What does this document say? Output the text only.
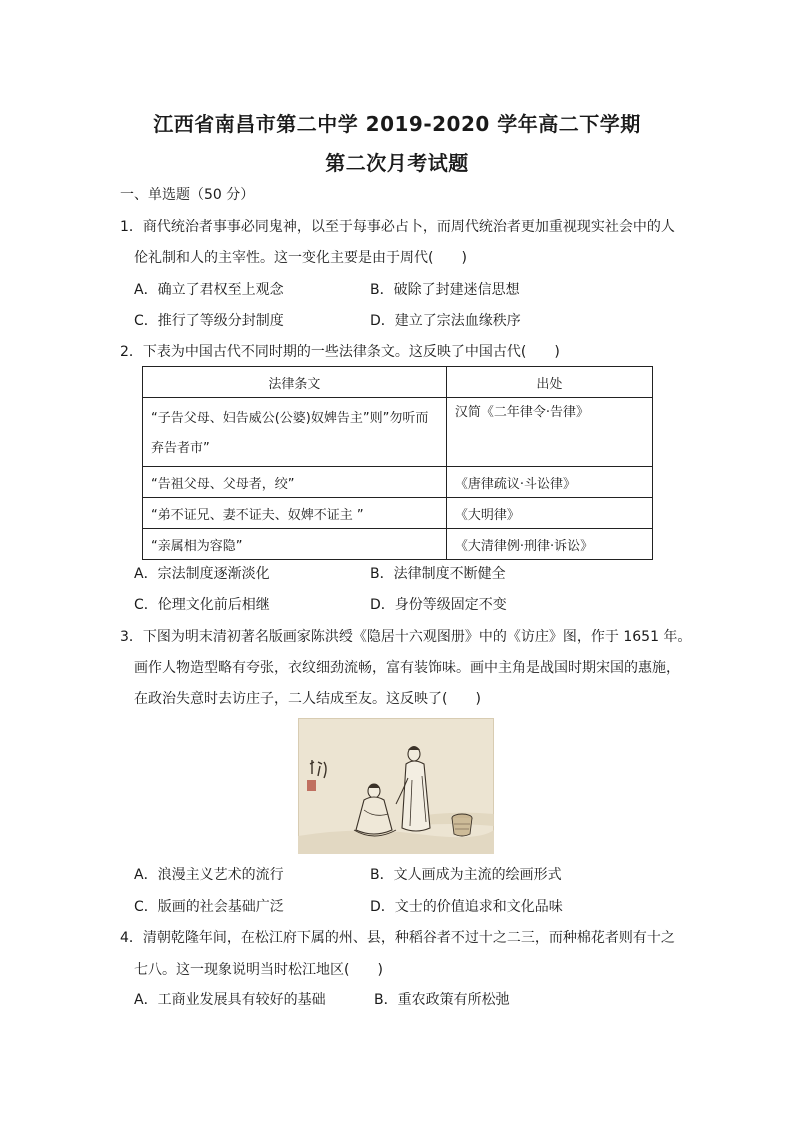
江西省南昌市第二中学 2019-2020 学年高二下学期
第二次月考试题
一、单选题（50 分）
1．商代统治者事事必同鬼神，以至于每事必占卜，而周代统治者更加重视现实社会中的人
伦礼制和人的主宰性。这一变化主要是由于周代(　　)
A．确立了君权至上观念	B．破除了封建迷信思想
C．推行了等级分封制度	D．建立了宗法血缘秩序
2．下表为中国古代不同时期的一些法律条文。这反映了中国古代(　　)
法律条文	出处
“子告父母、妇告威公(公婆)奴婢告主”则”勿听而弃告者市”	汉简《二年律令·告律》
“告祖父母、父母者，绞”	《唐律疏议·斗讼律》
“弟不证兄、妻不证夫、奴婢不证主 ”	《大明律》
“亲属相为容隐”	《大清律例·刑律·诉讼》
A．宗法制度逐渐淡化	B．法律制度不断健全
C．伦理文化前后相继	D．身份等级固定不变
3．下图为明末清初著名版画家陈洪绶《隐居十六观图册》中的《访庄》图，作于 1651 年。
画作人物造型略有夸张，衣纹细劲流畅，富有装饰味。画中主角是战国时期宋国的惠施，
在政治失意时去访庄子，二人结成至友。这反映了(　　)
A．浪漫主义艺术的流行	B．文人画成为主流的绘画形式
C．版画的社会基础广泛	D．文士的价值追求和文化品味
4．清朝乾隆年间，在松江府下属的州、县，种稻谷者不过十之二三，而种棉花者则有十之
七八。这一现象说明当时松江地区(　　)
A．工商业发展具有较好的基础	B．重农政策有所松弛
